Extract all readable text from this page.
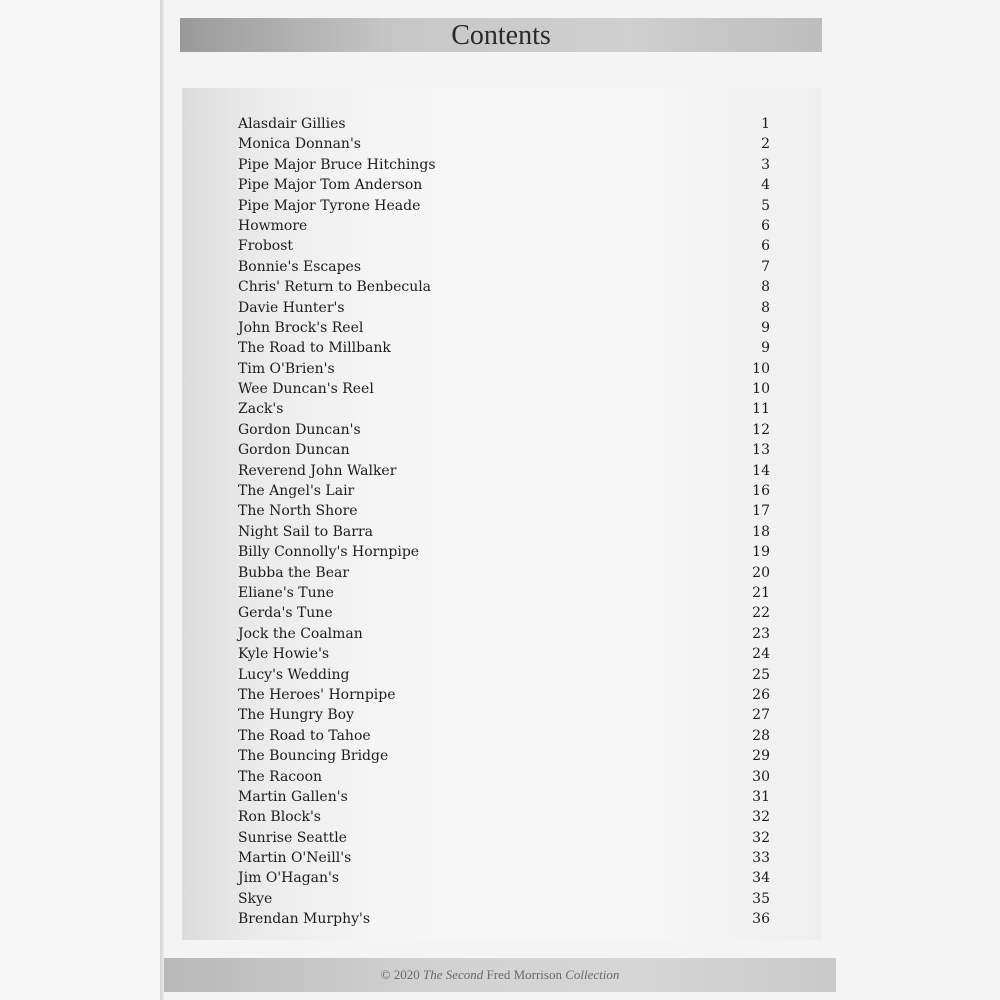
Contents
Alasdair Gillies	1
Monica Donnan's	2
Pipe Major Bruce Hitchings	3
Pipe Major Tom Anderson	4
Pipe Major Tyrone Heade	5
Howmore	6
Frobost	6
Bonnie's Escapes	7
Chris' Return to Benbecula	8
Davie Hunter's	8
John Brock's Reel	9
The Road to Millbank	9
Tim O'Brien's	10
Wee Duncan's Reel	10
Zack's	11
Gordon Duncan's	12
Gordon Duncan	13
Reverend John Walker	14
The Angel's Lair	16
The North Shore	17
Night Sail to Barra	18
Billy Connolly's Hornpipe	19
Bubba the Bear	20
Eliane's Tune	21
Gerda's Tune	22
Jock the Coalman	23
Kyle Howie's	24
Lucy's Wedding	25
The Heroes' Hornpipe	26
The Hungry Boy	27
The Road to Tahoe	28
The Bouncing Bridge	29
The Racoon	30
Martin Gallen's	31
Ron Block's	32
Sunrise Seattle	32
Martin O'Neill's	33
Jim O'Hagan's	34
Skye	35
Brendan Murphy's	36
© 2020 The Second Fred Morrison Collection
